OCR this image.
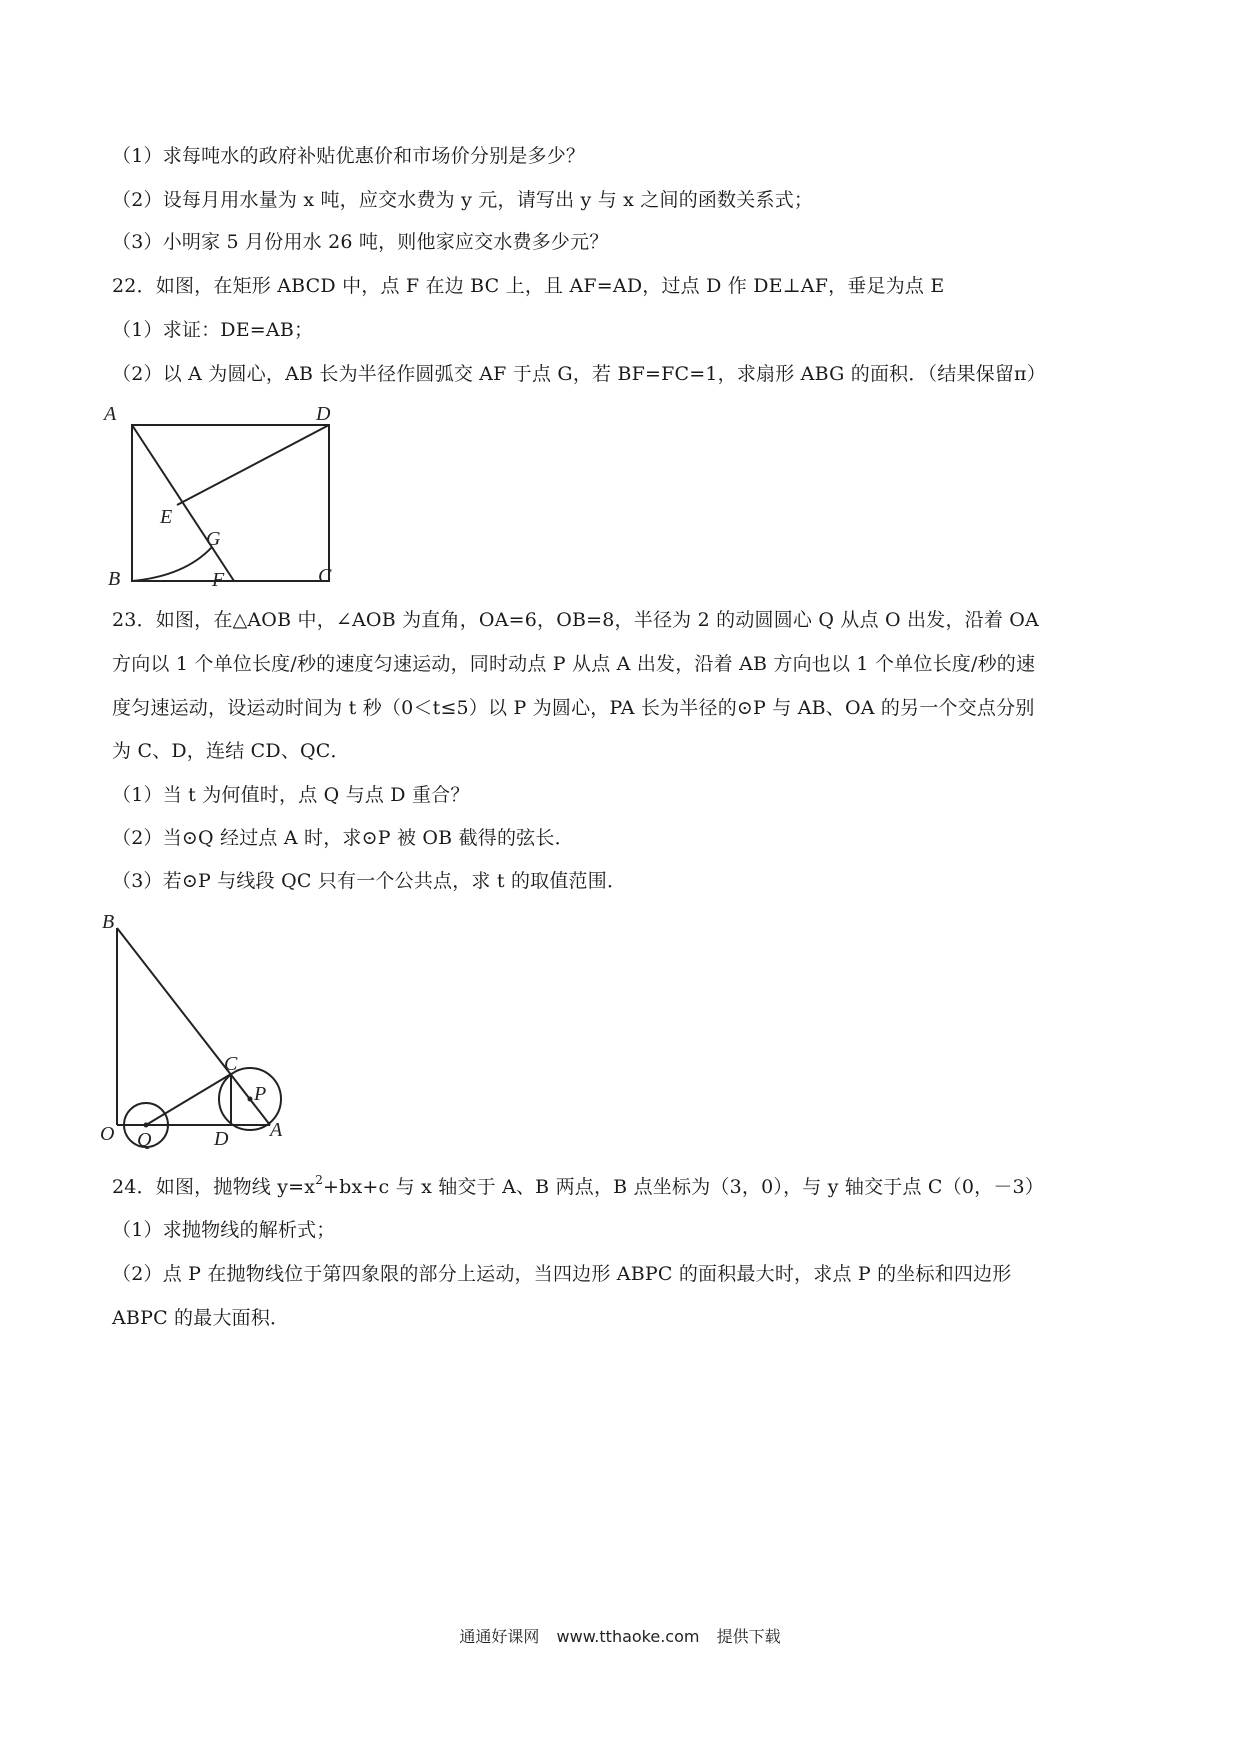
（1）求每吨水的政府补贴优惠价和市场价分别是多少？
（2）设每月用水量为 x 吨，应交水费为 y 元，请写出 y 与 x 之间的函数关系式；
（3）小明家 5 月份用水 26 吨，则他家应交水费多少元？
22．如图，在矩形 ABCD 中，点 F 在边 BC 上，且 AF=AD，过点 D 作 DE⊥AF，垂足为点 E
（1）求证：DE=AB；
（2）以 A 为圆心，AB 长为半径作圆弧交 AF 于点 G，若 BF=FC=1，求扇形 ABG 的面积．（结果保留π）
A	D
E
G
B	F	C
23．如图，在△AOB 中，∠AOB 为直角，OA=6，OB=8，半径为 2 的动圆圆心 Q 从点 O 出发，沿着 OA
方向以 1 个单位长度/秒的速度匀速运动，同时动点 P 从点 A 出发，沿着 AB 方向也以 1 个单位长度/秒的速
度匀速运动，设运动时间为 t 秒（0＜t≤5）以 P 为圆心，PA 长为半径的⊙P 与 AB、OA 的另一个交点分别
为 C、D，连结 CD、QC．
（1）当 t 为何值时，点 Q 与点 D 重合？
（2）当⊙Q 经过点 A 时，求⊙P 被 OB 截得的弦长．
（3）若⊙P 与线段 QC 只有一个公共点，求 t 的取值范围．
B
C
P
O Q	D A
24．如图，抛物线 $y=x^2+bx+c$ 与 x 轴交于 A、B 两点，B 点坐标为（3，0），与 y 轴交于点 C（0，－3）
（1）求抛物线的解析式；
（2）点 P 在抛物线位于第四象限的部分上运动，当四边形 ABPC 的面积最大时，求点 P 的坐标和四边形
ABPC 的最大面积．
通通好课网 www.tthaoke.com 提供下载
